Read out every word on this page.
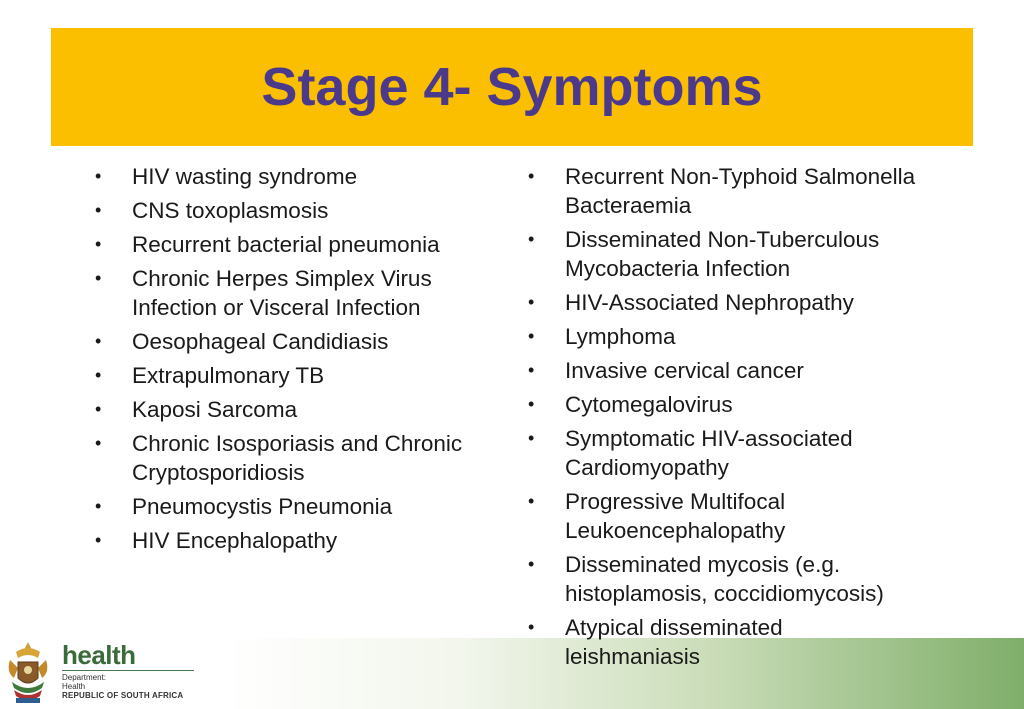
Stage 4- Symptoms
•	HIV wasting syndrome
•	CNS toxoplasmosis
•	Recurrent bacterial pneumonia
•	Chronic Herpes Simplex Virus Infection or Visceral Infection
•	Oesophageal Candidiasis
•	Extrapulmonary TB
•	Kaposi Sarcoma
•	Chronic Isosporiasis and Chronic Cryptosporidiosis
•	Pneumocystis Pneumonia
•	HIV Encephalopathy
•	Recurrent Non-Typhoid Salmonella Bacteraemia
•	Disseminated Non-Tuberculous Mycobacteria Infection
•	HIV-Associated Nephropathy
•	Lymphoma
•	Invasive cervical cancer
•	Cytomegalovirus
•	Symptomatic HIV-associated Cardiomyopathy
•	Progressive Multifocal Leukoencephalopathy
•	Disseminated mycosis (e.g. histoplamosis, coccidiomycosis)
•	Atypical disseminated leishmaniasis
health
Department:
Health
REPUBLIC OF SOUTH AFRICA
